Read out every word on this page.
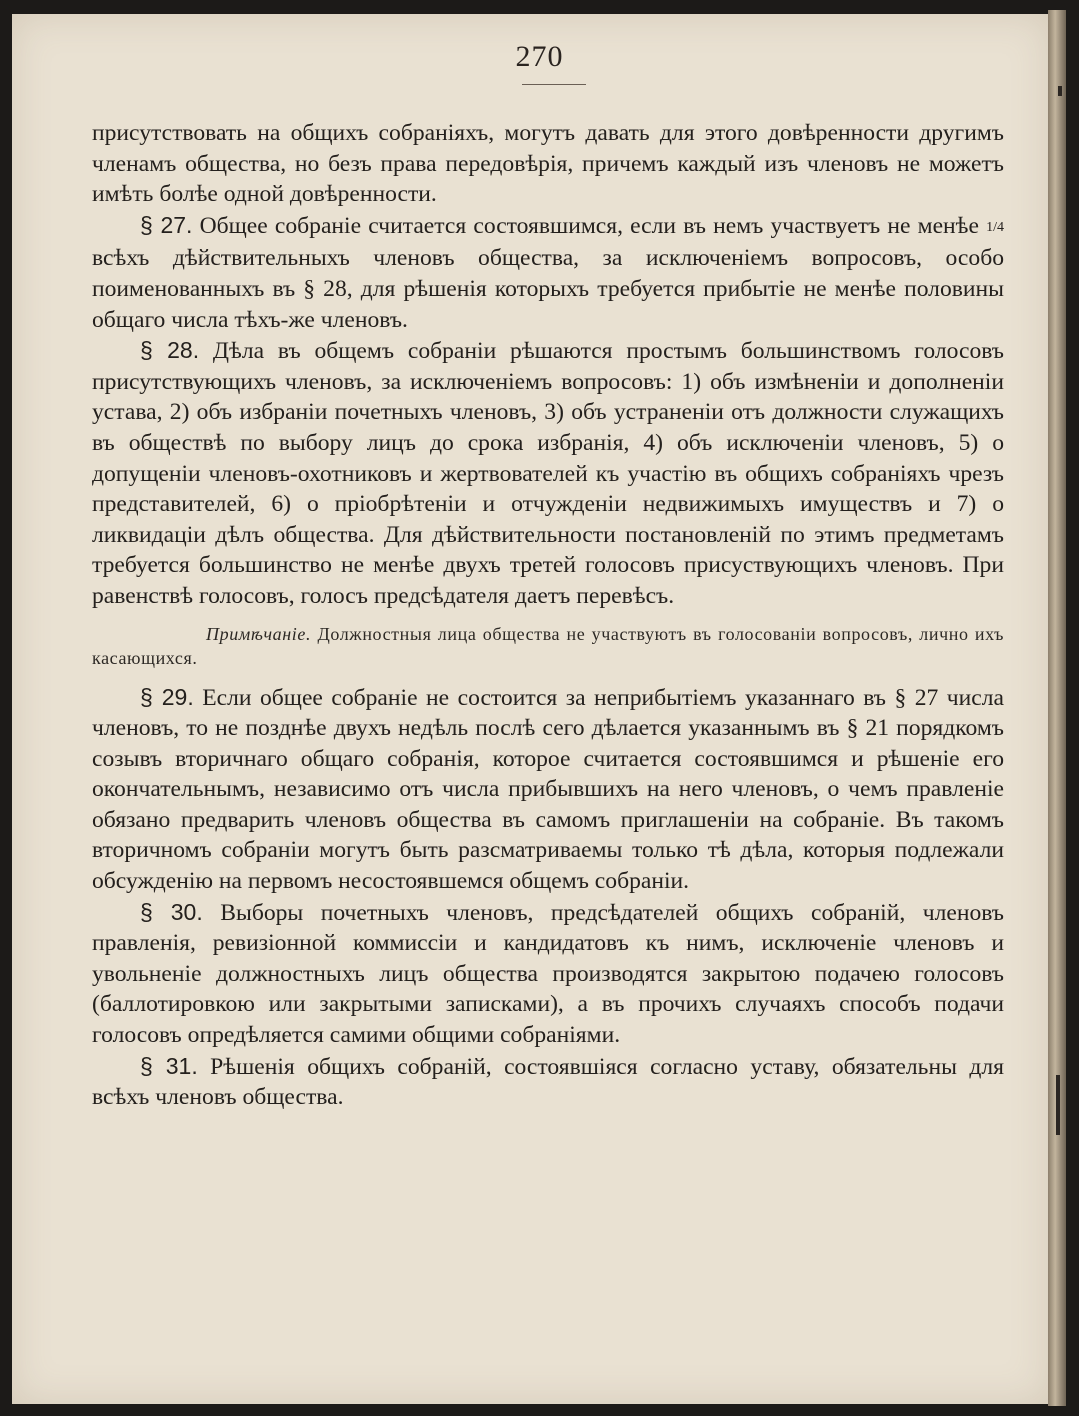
270

присутствовать на общихъ собраніяхъ, могутъ давать для этого довѣренности другимъ членамъ общества, но безъ права передовѣрія, причемъ каждый изъ членовъ не можетъ имѣть болѣе одной довѣренности.

§ 27. Общее собраніе считается состоявшимся, если въ немъ участвуетъ не менѣе 1/4 всѣхъ дѣйствительныхъ членовъ общества, за исключеніемъ вопросовъ, особо поименованныхъ въ § 28, для рѣшенія которыхъ требуется прибытіе не менѣе половины общаго числа тѣхъ-же членовъ.

§ 28. Дѣла въ общемъ собраніи рѣшаются простымъ большинствомъ голосовъ присутствующихъ членовъ, за исключеніемъ вопросовъ: 1) объ измѣненіи и дополненіи устава, 2) объ избраніи почетныхъ членовъ, 3) объ устраненіи отъ должности служащихъ въ обществѣ по выбору лицъ до срока избранія, 4) объ исключеніи членовъ, 5) о допущеніи членовъ-охотниковъ и жертвователей къ участію въ общихъ собраніяхъ чрезъ представителей, 6) о пріобрѣтеніи и отчужденіи недвижимыхъ имуществъ и 7) о ликвидаціи дѣлъ общества. Для дѣйствительности постановленій по этимъ предметамъ требуется большинство не менѣе двухъ третей голосовъ присуствующихъ членовъ. При равенствѣ голосовъ, голосъ предсѣдателя даетъ перевѣсъ.

Примѣчаніе. Должностныя лица общества не участвуютъ въ голосованіи вопросовъ, лично ихъ касающихся.

§ 29. Если общее собраніе не состоится за неприбытіемъ указаннаго въ § 27 числа членовъ, то не позднѣе двухъ недѣль послѣ сего дѣлается указаннымъ въ § 21 порядкомъ созывъ вторичнаго общаго собранія, которое считается состоявшимся и рѣшеніе его окончательнымъ, независимо отъ числа прибывшихъ на него членовъ, о чемъ правленіе обязано предварить членовъ общества въ самомъ приглашеніи на собраніе. Въ такомъ вторичномъ собраніи могутъ быть разсматриваемы только тѣ дѣла, которыя подлежали обсужденію на первомъ несостоявшемся общемъ собраніи.

§ 30. Выборы почетныхъ членовъ, предсѣдателей общихъ собраній, членовъ правленія, ревизіонной коммиссіи и кандидатовъ къ нимъ, исключеніе членовъ и увольненіе должностныхъ лицъ общества производятся закрытою подачею голосовъ (баллотировкою или закрытыми записками), а въ прочихъ случаяхъ способъ подачи голосовъ опредѣляется самими общими собраніями.

§ 31. Рѣшенія общихъ собраній, состоявшіяся согласно уставу, обязательны для всѣхъ членовъ общества.
